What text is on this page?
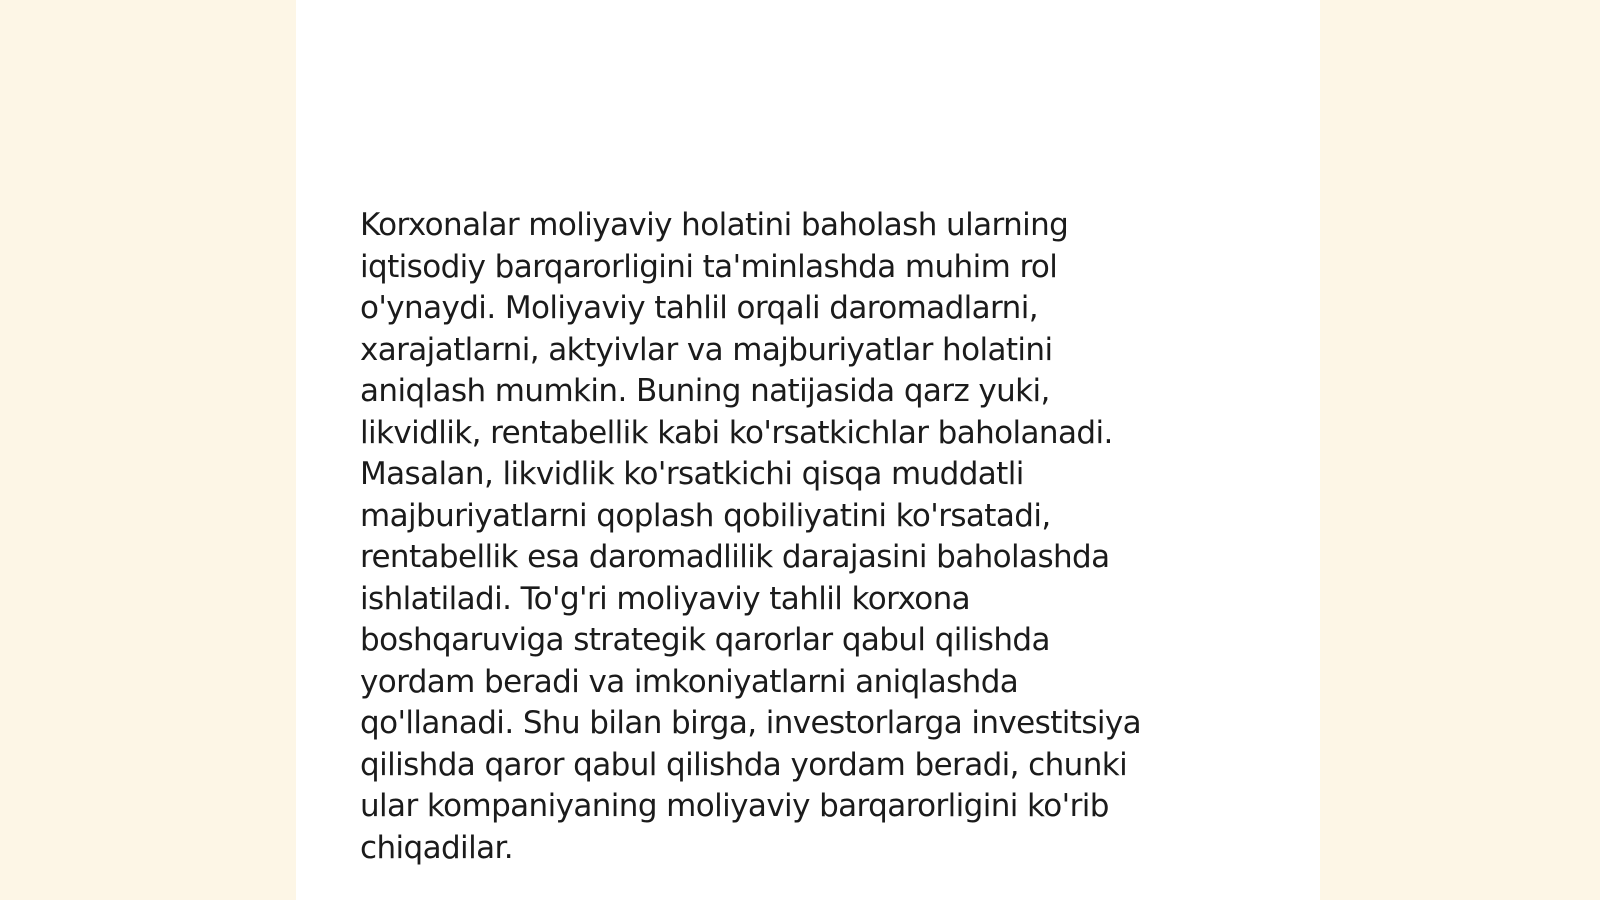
Korxonalar moliyaviy holatini baholash ularning
iqtisodiy barqarorligini ta'minlashda muhim rol
o'ynaydi. Moliyaviy tahlil orqali daromadlarni,
xarajatlarni, aktyivlar va majburiyatlar holatini
aniqlash mumkin. Buning natijasida qarz yuki,
likvidlik, rentabellik kabi ko'rsatkichlar baholanadi.
Masalan, likvidlik ko'rsatkichi qisqa muddatli
majburiyatlarni qoplash qobiliyatini ko'rsatadi,
rentabellik esa daromadlilik darajasini baholashda
ishlatiladi. To'g'ri moliyaviy tahlil korxona
boshqaruviga strategik qarorlar qabul qilishda
yordam beradi va imkoniyatlarni aniqlashda
qo'llanadi. Shu bilan birga, investorlarga investitsiya
qilishda qaror qabul qilishda yordam beradi, chunki
ular kompaniyaning moliyaviy barqarorligini ko'rib
chiqadilar.
